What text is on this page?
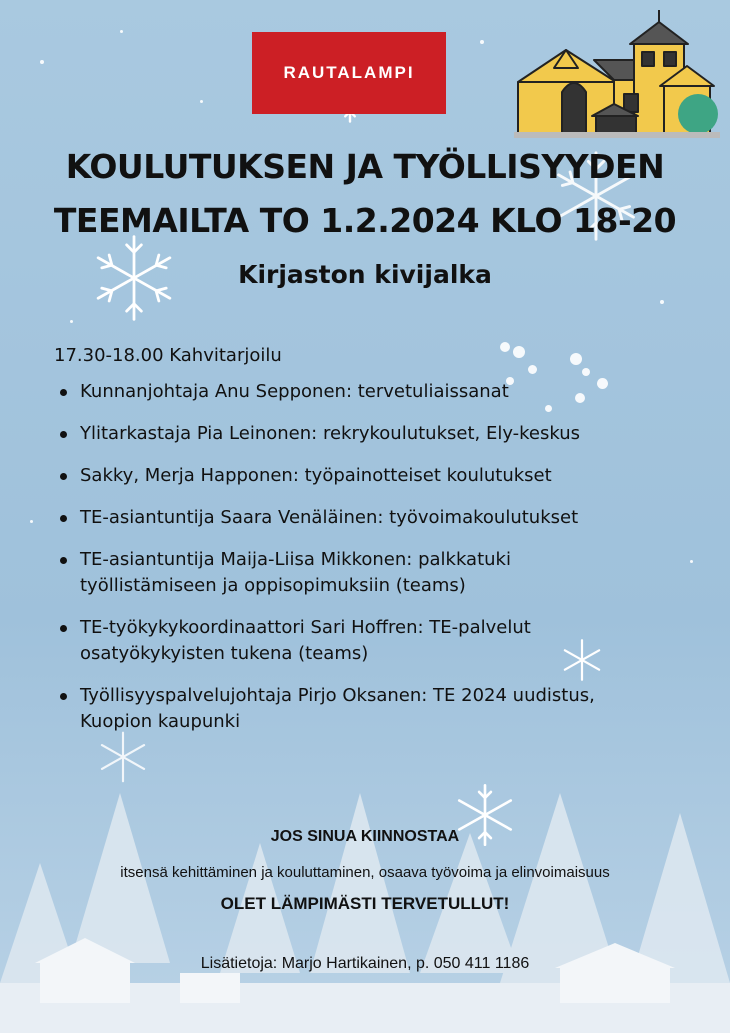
RAUTALAMPI
KOULUTUKSEN JA TYÖLLISYYDEN
TEEMAILTA TO 1.2.2024 KLO 18-20
Kirjaston kivijalka
17.30-18.00 Kahvitarjoilu
Kunnanjohtaja Anu Sepponen: tervetuliaissanat
Ylitarkastaja Pia Leinonen: rekrykoulutukset, Ely-keskus
Sakky, Merja Happonen: työpainotteiset koulutukset
TE-asiantuntija Saara Venäläinen: työvoimakoulutukset
TE-asiantuntija Maija-Liisa Mikkonen: palkkatuki työllistämiseen ja oppisopimuksiin (teams)
TE-työkykykoordinaattori Sari Hoffren: TE-palvelut osatyökykyisten tukena (teams)
Työllisyyspalvelujohtaja Pirjo Oksanen: TE 2024 uudistus, Kuopion kaupunki
JOS SINUA KIINNOSTAA
itsensä kehittäminen ja kouluttaminen, osaava työvoima ja elinvoimaisuus
OLET LÄMPIMÄSTI TERVETULLUT!
Lisätietoja: Marjo Hartikainen, p. 050 411 1186
